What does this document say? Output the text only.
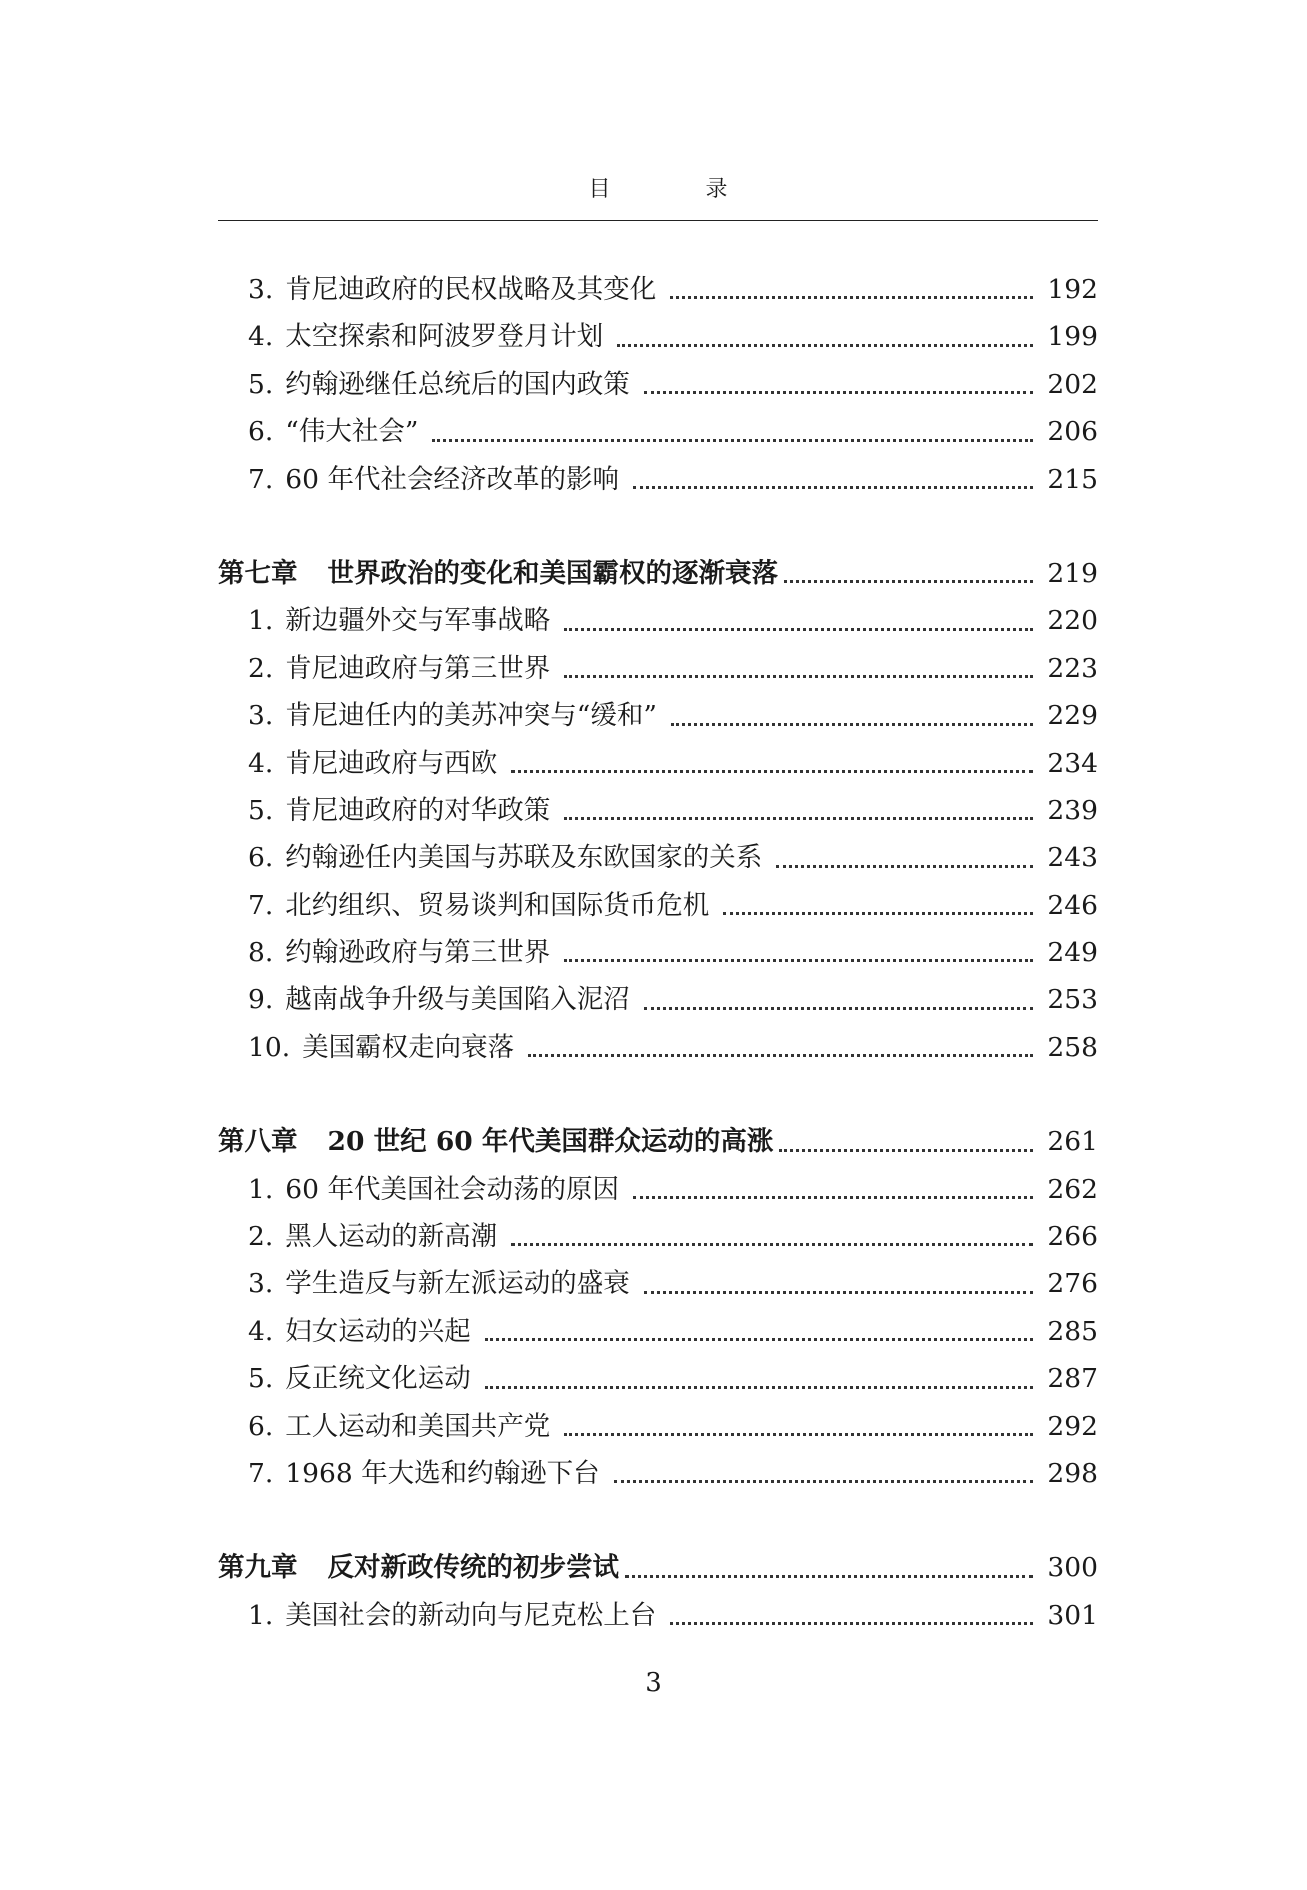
目 录
3. 肯尼迪政府的民权战略及其变化	192
4. 太空探索和阿波罗登月计划	199
5. 约翰逊继任总统后的国内政策	202
6. “伟大社会”	206
7. 60 年代社会经济改革的影响	215
第七章 世界政治的变化和美国霸权的逐渐衰落	219
1. 新边疆外交与军事战略	220
2. 肯尼迪政府与第三世界	223
3. 肯尼迪任内的美苏冲突与“缓和”	229
4. 肯尼迪政府与西欧	234
5. 肯尼迪政府的对华政策	239
6. 约翰逊任内美国与苏联及东欧国家的关系	243
7. 北约组织、贸易谈判和国际货币危机	246
8. 约翰逊政府与第三世界	249
9. 越南战争升级与美国陷入泥沼	253
10. 美国霸权走向衰落	258
第八章 20 世纪 60 年代美国群众运动的高涨	261
1. 60 年代美国社会动荡的原因	262
2. 黑人运动的新高潮	266
3. 学生造反与新左派运动的盛衰	276
4. 妇女运动的兴起	285
5. 反正统文化运动	287
6. 工人运动和美国共产党	292
7. 1968 年大选和约翰逊下台	298
第九章 反对新政传统的初步尝试	300
1. 美国社会的新动向与尼克松上台	301
3
